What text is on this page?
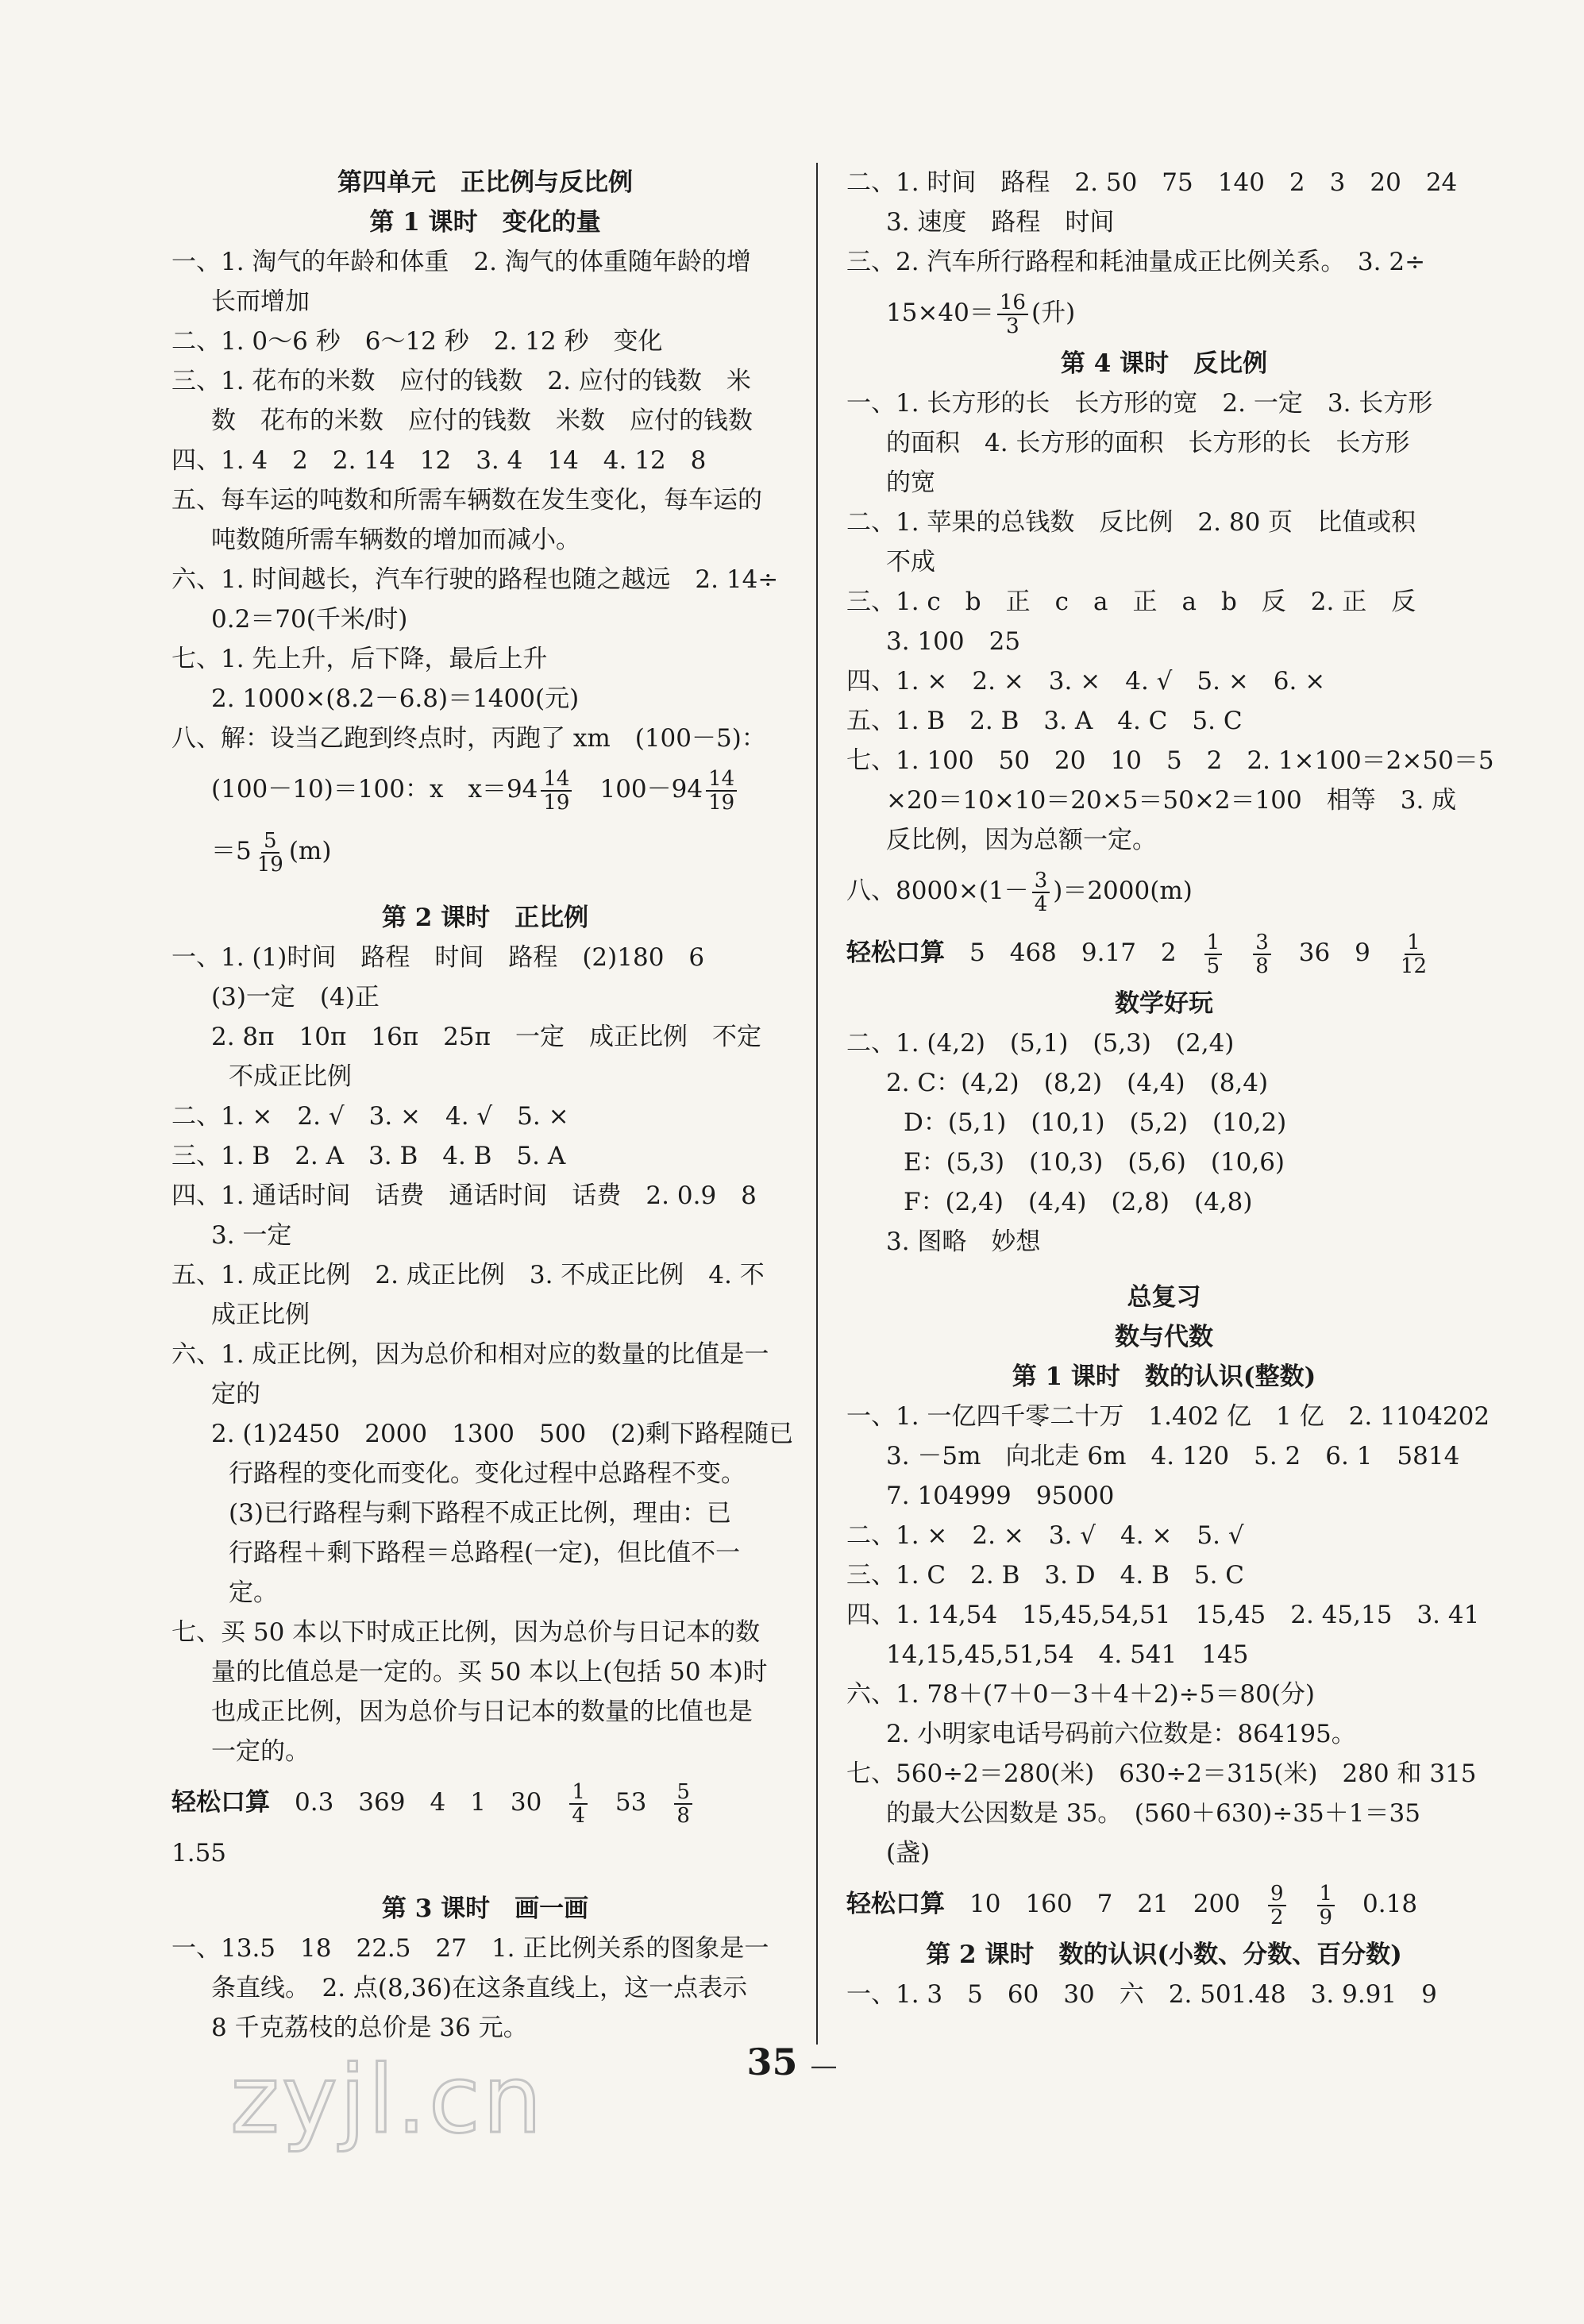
第四单元　正比例与反比例
第 1 课时　变化的量
一、1. 淘气的年龄和体重　2. 淘气的体重随年龄的增
长而增加
二、1. 0～6 秒　6～12 秒　2. 12 秒　变化
三、1. 花布的米数　应付的钱数　2. 应付的钱数　米
数　花布的米数　应付的钱数　米数　应付的钱数
四、1. 4　2　2. 14　12　3. 4　14　4. 12　8
五、每车运的吨数和所需车辆数在发生变化，每车运的
吨数随所需车辆数的增加而减小。
六、1. 时间越长，汽车行驶的路程也随之越远　2. 14÷
0.2＝70(千米/时)
七、1. 先上升，后下降，最后上升
2. 1000×(8.2－6.8)＝1400(元)
八、解：设当乙跑到终点时，丙跑了 xm　(100－5)：
(100－10)＝100：x　$x=94 \frac{14}{19}$ 　$100-94 \frac{14}{19}$
$=5 \frac{5}{19} (m)$
第 2 课时　正比例
一、1. (1)时间　路程　时间　路程　(2)180　6
(3)一定　(4)正
2. 8π　10π　16π　25π　一定　成正比例　不定
不成正比例
二、1. ×　2. √　3. ×　4. √　5. ×
三、1. B　2. A　3. B　4. B　5. A
四、1. 通话时间　话费　通话时间　话费　2. 0.9　8
3. 一定
五、1. 成正比例　2. 成正比例　3. 不成正比例　4. 不
成正比例
六、1. 成正比例，因为总价和相对应的数量的比值是一
定的
2. (1)2450　2000　1300　500　(2)剩下路程随已
行路程的变化而变化。变化过程中总路程不变。
(3)已行路程与剩下路程不成正比例，理由：已
行路程＋剩下路程＝总路程(一定)，但比值不一
定。
七、买 50 本以下时成正比例，因为总价与日记本的数
量的比值总是一定的。买 50 本以上(包括 50 本)时
也成正比例，因为总价与日记本的数量的比值也是
一定的。
轻松口算　0.3　369　4　1　30　 $\frac{1}{4}$ 　53　 $\frac{5}{8}$
1.55
第 3 课时　画一画
一、13.5　18　22.5　27　1. 正比例关系的图象是一
条直线。　2. 点(8,36)在这条直线上，这一点表示
8 千克荔枝的总价是 36 元。
二、1. 时间　路程　2. 50　75　140　2　3　20　24
3. 速度　路程　时间
三、2. 汽车所行路程和耗油量成正比例关系。　3. 2÷
$15\times 40= \frac{16}{3}$ (升)
第 4 课时　反比例
一、1. 长方形的长　长方形的宽　2. 一定　3. 长方形
的面积　4. 长方形的面积　长方形的长　长方形
的宽
二、1. 苹果的总钱数　反比例　2. 80 页　比值或积
不成
三、1. c　b　正　c　a　正　a　b　反　2. 正　反
3. 100　25
四、1. ×　2. ×　3. ×　4. √　5. ×　6. ×
五、1. B　2. B　3. A　4. C　5. C
七、1. 100　50　20　10　5　2　2. 1×100＝2×50＝5
×20＝10×10＝20×5＝50×2＝100　相等　3. 成
反比例，因为总额一定。
八、$8000\times(1- \frac{3}{4} )=2000(m)$
轻松口算　5　468　9.17　2　 $\frac{1}{5}$
　 $\frac{3}{8}$ 　36　9　 $\frac{1}{12}$
数学好玩
二、1. (4,2)　(5,1)　(5,3)　(2,4)
2. C：(4,2)　(8,2)　(4,4)　(8,4)
D：(5,1)　(10,1)　(5,2)　(10,2)
E：(5,3)　(10,3)　(5,6)　(10,6)
F：(2,4)　(4,4)　(2,8)　(4,8)
3. 图略　妙想
总复习
数与代数
第 1 课时　数的认识(整数)
一、1. 一亿四千零二十万　1.402 亿　1 亿　2. 1104202
3. －5m　向北走 6m　4. 120　5. 2　6. 1　5814
7. 104999　95000
二、1. ×　2. ×　3. √　4. ×　5. √
三、1. C　2. B　3. D　4. B　5. C
四、1. 14,54　15,45,54,51　15,45　2. 45,15　3. 41
14,15,45,51,54　4. 541　145
六、1. 78＋(7＋0－3＋4＋2)÷5＝80(分)
2. 小明家电话号码前六位数是：864195。
七、560÷2＝280(米)　630÷2＝315(米)　280 和 315
的最大公因数是 35。　(560＋630)÷35＋1＝35
(盏)
轻松口算　10　160　7　21　200　 $\frac{9}{2}$
　 $\frac{1}{9}$ 　0.18
第 2 课时　数的认识(小数、分数、百分数)
一、1. 3　5　60　30　六　2. 501.48　3. 9.91　9
zyjl.cn	35 —
